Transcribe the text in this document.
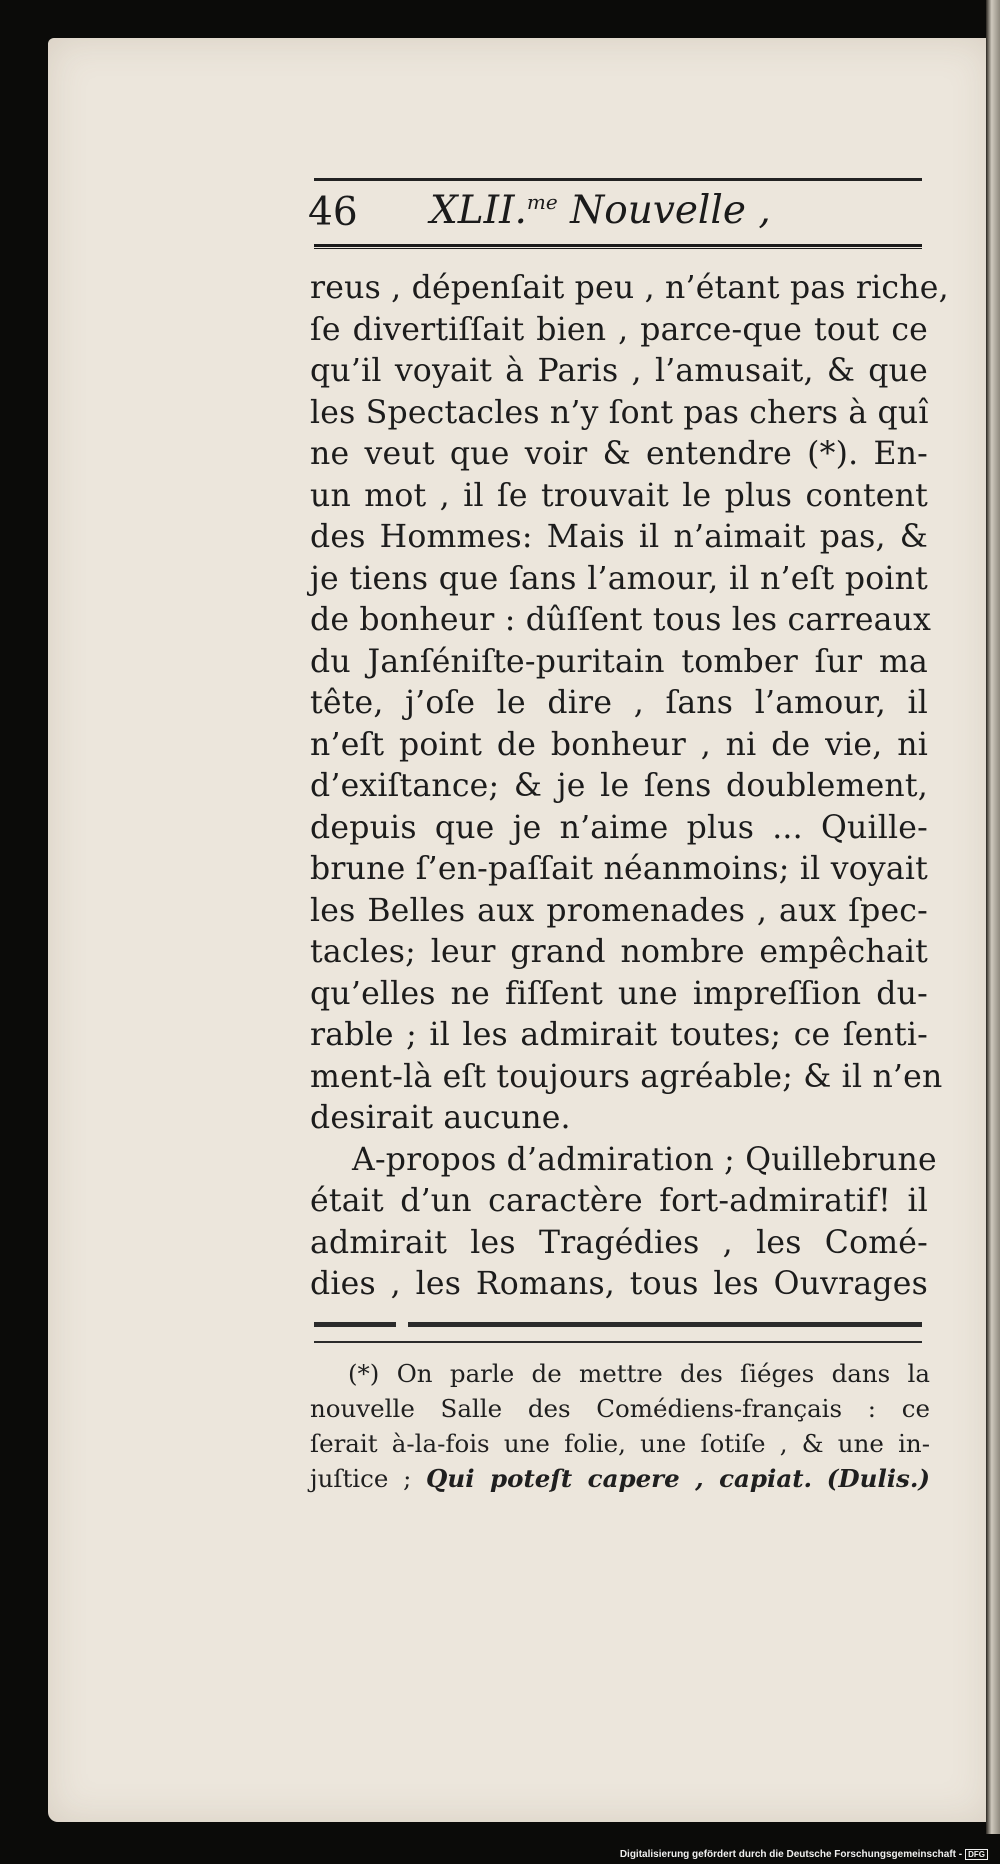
46 XLII.$^{me}$ Nouvelle ,
reus , dépenſait peu , n’étant pas riche,
ſe divertiſſait bien , parce-que tout ce
qu’il voyait à Paris , l’amusait, & que
les Spectacles n’y ſont pas chers à quî
ne veut que voir & entendre (*). En-
un mot , il ſe trouvait le plus content
des Hommes: Mais il n’aimait pas, &
je tiens que ſans l’amour, il n’eſt point
de bonheur : dûſſent tous les carreaux
du Janſéniſte-puritain tomber ſur ma
tête, j’oſe le dire , ſans l’amour, il
n’eſt point de bonheur , ni de vie, ni
d’exiſtance; & je le ſens doublement,
depuis que je n’aime plus ... Quille-
brune ſ’en-paſſait néanmoins; il voyait
les Belles aux promenades , aux ſpec-
tacles; leur grand nombre empêchait
qu’elles ne fiſſent une impreſſion du-
rable ; il les admirait toutes; ce ſenti-
ment-là eſt toujours agréable; & il n’en
desirait aucune.
A-propos d’admiration ; Quillebrune
était d’un caractère fort-admiratif! il
admirait les Tragédies , les Comé-
dies , les Romans, tous les Ouvrages
(*) On parle de mettre des ſiéges dans la
nouvelle Salle des Comédiens-français : ce
ſerait à-la-fois une folie, une ſotiſe , & une in-
juſtice ; Qui poteſt capere , capiat. (Dulis.)
Digitalisierung gefördert durch die Deutsche Forschungsgemeinschaft - DFG
